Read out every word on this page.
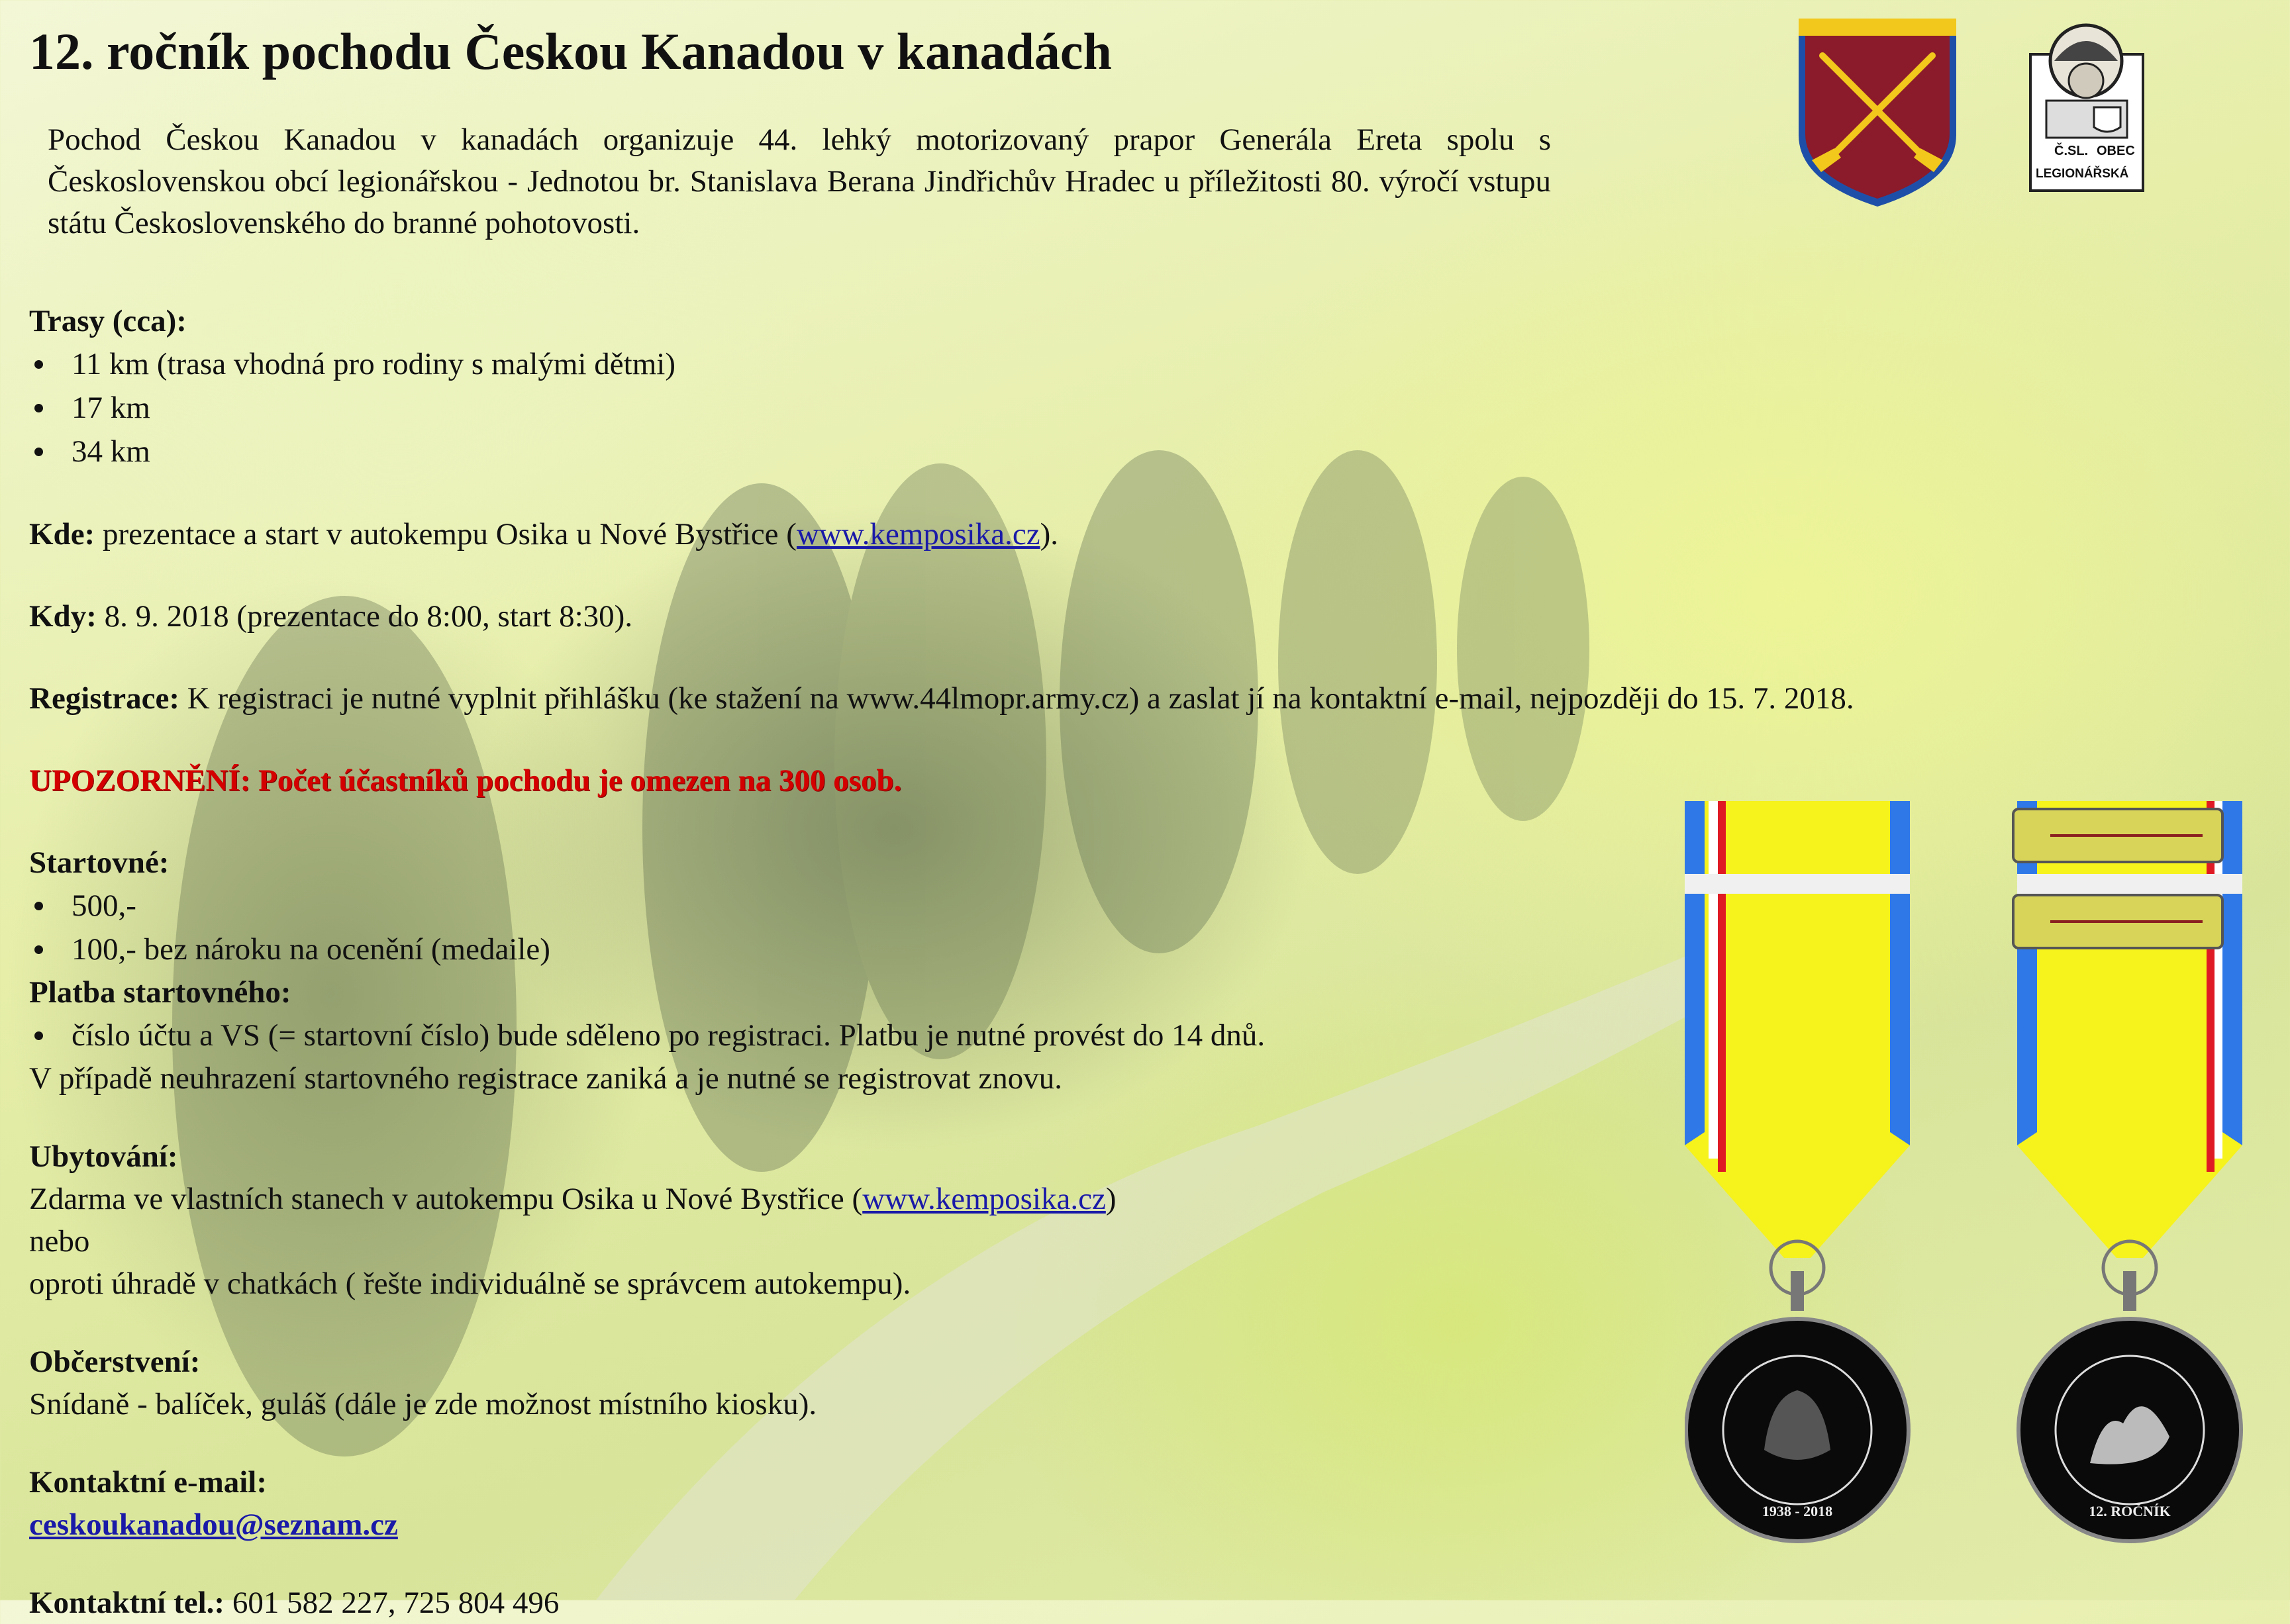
Č.SL. OBEC
LEGIONÁŘSKÁ
1938 - 2018	12. ROČNÍK
12. ročník pochodu Českou Kanadou v kanadách

Pochod Českou Kanadou v kanadách organizuje 44. lehký motorizovaný prapor Generála Ereta spolu s Československou obcí legionářskou - Jednotou br. Stanislava Berana Jindřichův Hradec u příležitosti 80. výročí vstupu státu Československého do branné pohotovosti.

Trasy (cca):

11 km (trasa vhodná pro rodiny s malými dětmi)
17 km
34 km

Kde: prezentace a start v autokempu Osika u Nové Bystřice (www.kemposika.cz).

Kdy: 8. 9. 2018 (prezentace do 8:00, start 8:30).

Registrace: K registraci je nutné vyplnit přihlášku (ke stažení na www.44lmopr.army.cz) a zaslat jí na kontaktní e-mail, nejpozději do 15. 7. 2018.

UPOZORNĚNÍ: Počet účastníků pochodu je omezen na 300 osob.

Startovné:

500,-
100,- bez nároku na ocenění (medaile)

Platba startovného:

číslo účtu a VS (= startovní číslo) bude sděleno po registraci. Platbu je nutné provést do 14 dnů.

V případě neuhrazení startovného registrace zaniká a je nutné se registrovat znovu.

Ubytování:

Zdarma ve vlastních stanech v autokempu Osika u Nové Bystřice (www.kemposika.cz)

nebo

oproti úhradě v chatkách ( řešte individuálně se správcem autokempu).

Občerstvení:

Snídaně - balíček, guláš (dále je zde možnost místního kiosku).

Kontaktní e-mail:

ceskoukanadou@seznam.cz

Kontaktní tel.: 601 582 227, 725 804 496
